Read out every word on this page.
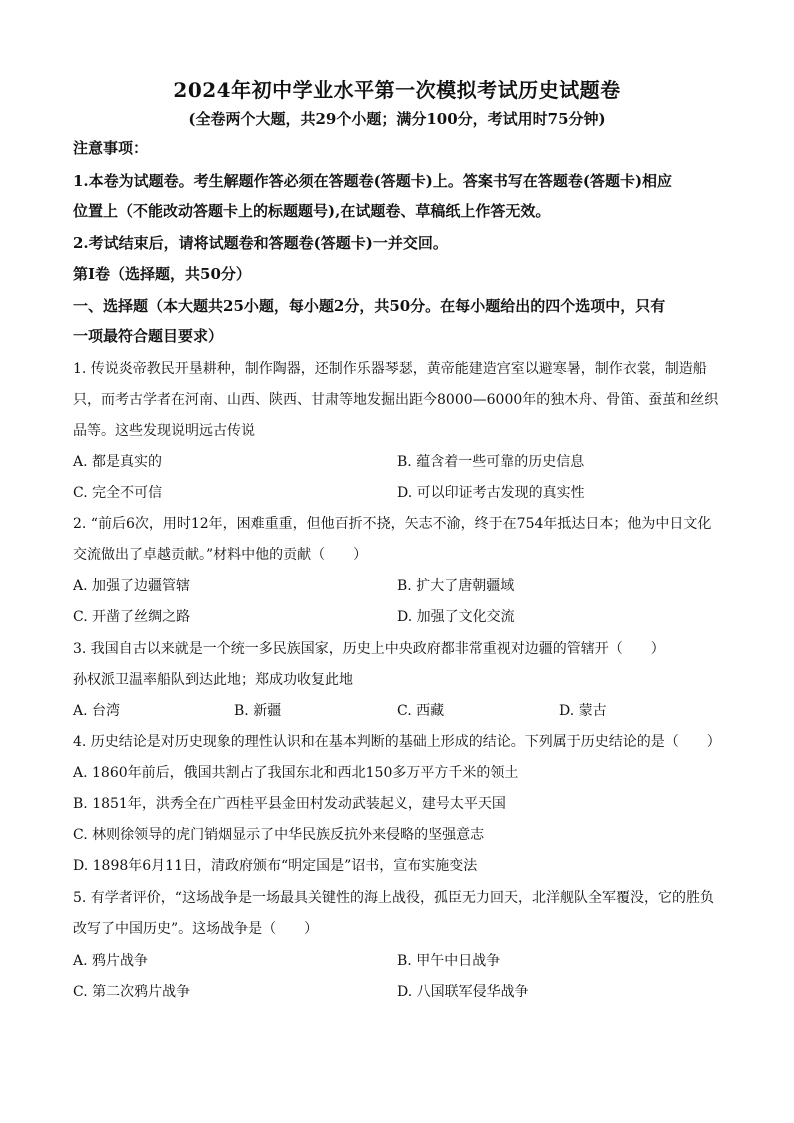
2024年初中学业水平第一次模拟考试历史试题卷
(全卷两个大题，共29个小题；满分100分，考试用时75分钟)
注意事项：
1.本卷为试题卷。考生解题作答必须在答题卷(答题卡)上。答案书写在答题卷(答题卡)相应
位置上（不能改动答题卡上的标题题号),在试题卷、草稿纸上作答无效。
2.考试结束后，请将试题卷和答题卷(答题卡)一并交回。
第Ⅰ卷（选择题，共50分）
一、选择题（本大题共25小题，每小题2分，共50分。在每小题给出的四个选项中，只有
一项最符合题目要求）
1. 传说炎帝教民开垦耕种，制作陶器，还制作乐器琴瑟，黄帝能建造宫室以避寒暑，制作衣裳，制造船
只，而考古学者在河南、山西、陕西、甘肃等地发掘出距今8000—6000年的独木舟、骨笛、蚕茧和丝织
品等。这些发现说明远古传说
A. 都是真实的	B. 蕴含着一些可靠的历史信息
C. 完全不可信	D. 可以印证考古发现的真实性
2. “前后6次，用时12年，困难重重，但他百折不挠，矢志不渝，终于在754年抵达日本；他为中日文化
交流做出了卓越贡献。”材料中他的贡献（　　）
A. 加强了边疆管辖	B. 扩大了唐朝疆域
C. 开凿了丝绸之路	D. 加强了文化交流
3. 我国自古以来就是一个统一多民族国家，历史上中央政府都非常重视对边疆的管辖开（　　）
孙权派卫温率船队到达此地；郑成功收复此地
A. 台湾	B. 新疆	C. 西藏	D. 蒙古
4. 历史结论是对历史现象的理性认识和在基本判断的基础上形成的结论。下列属于历史结论的是（　　）
A. 1860年前后，俄国共割占了我国东北和西北150多万平方千米的领土
B. 1851年，洪秀全在广西桂平县金田村发动武装起义，建号太平天国
C. 林则徐领导的虎门销烟显示了中华民族反抗外来侵略的坚强意志
D. 1898年6月11日，清政府颁布“明定国是”诏书，宣布实施变法
5. 有学者评价，“这场战争是一场最具关键性的海上战役，孤臣无力回天，北洋舰队全军覆没，它的胜负
改写了中国历史”。这场战争是（　　）
A. 鸦片战争	B. 甲午中日战争
C. 第二次鸦片战争	D. 八国联军侵华战争
